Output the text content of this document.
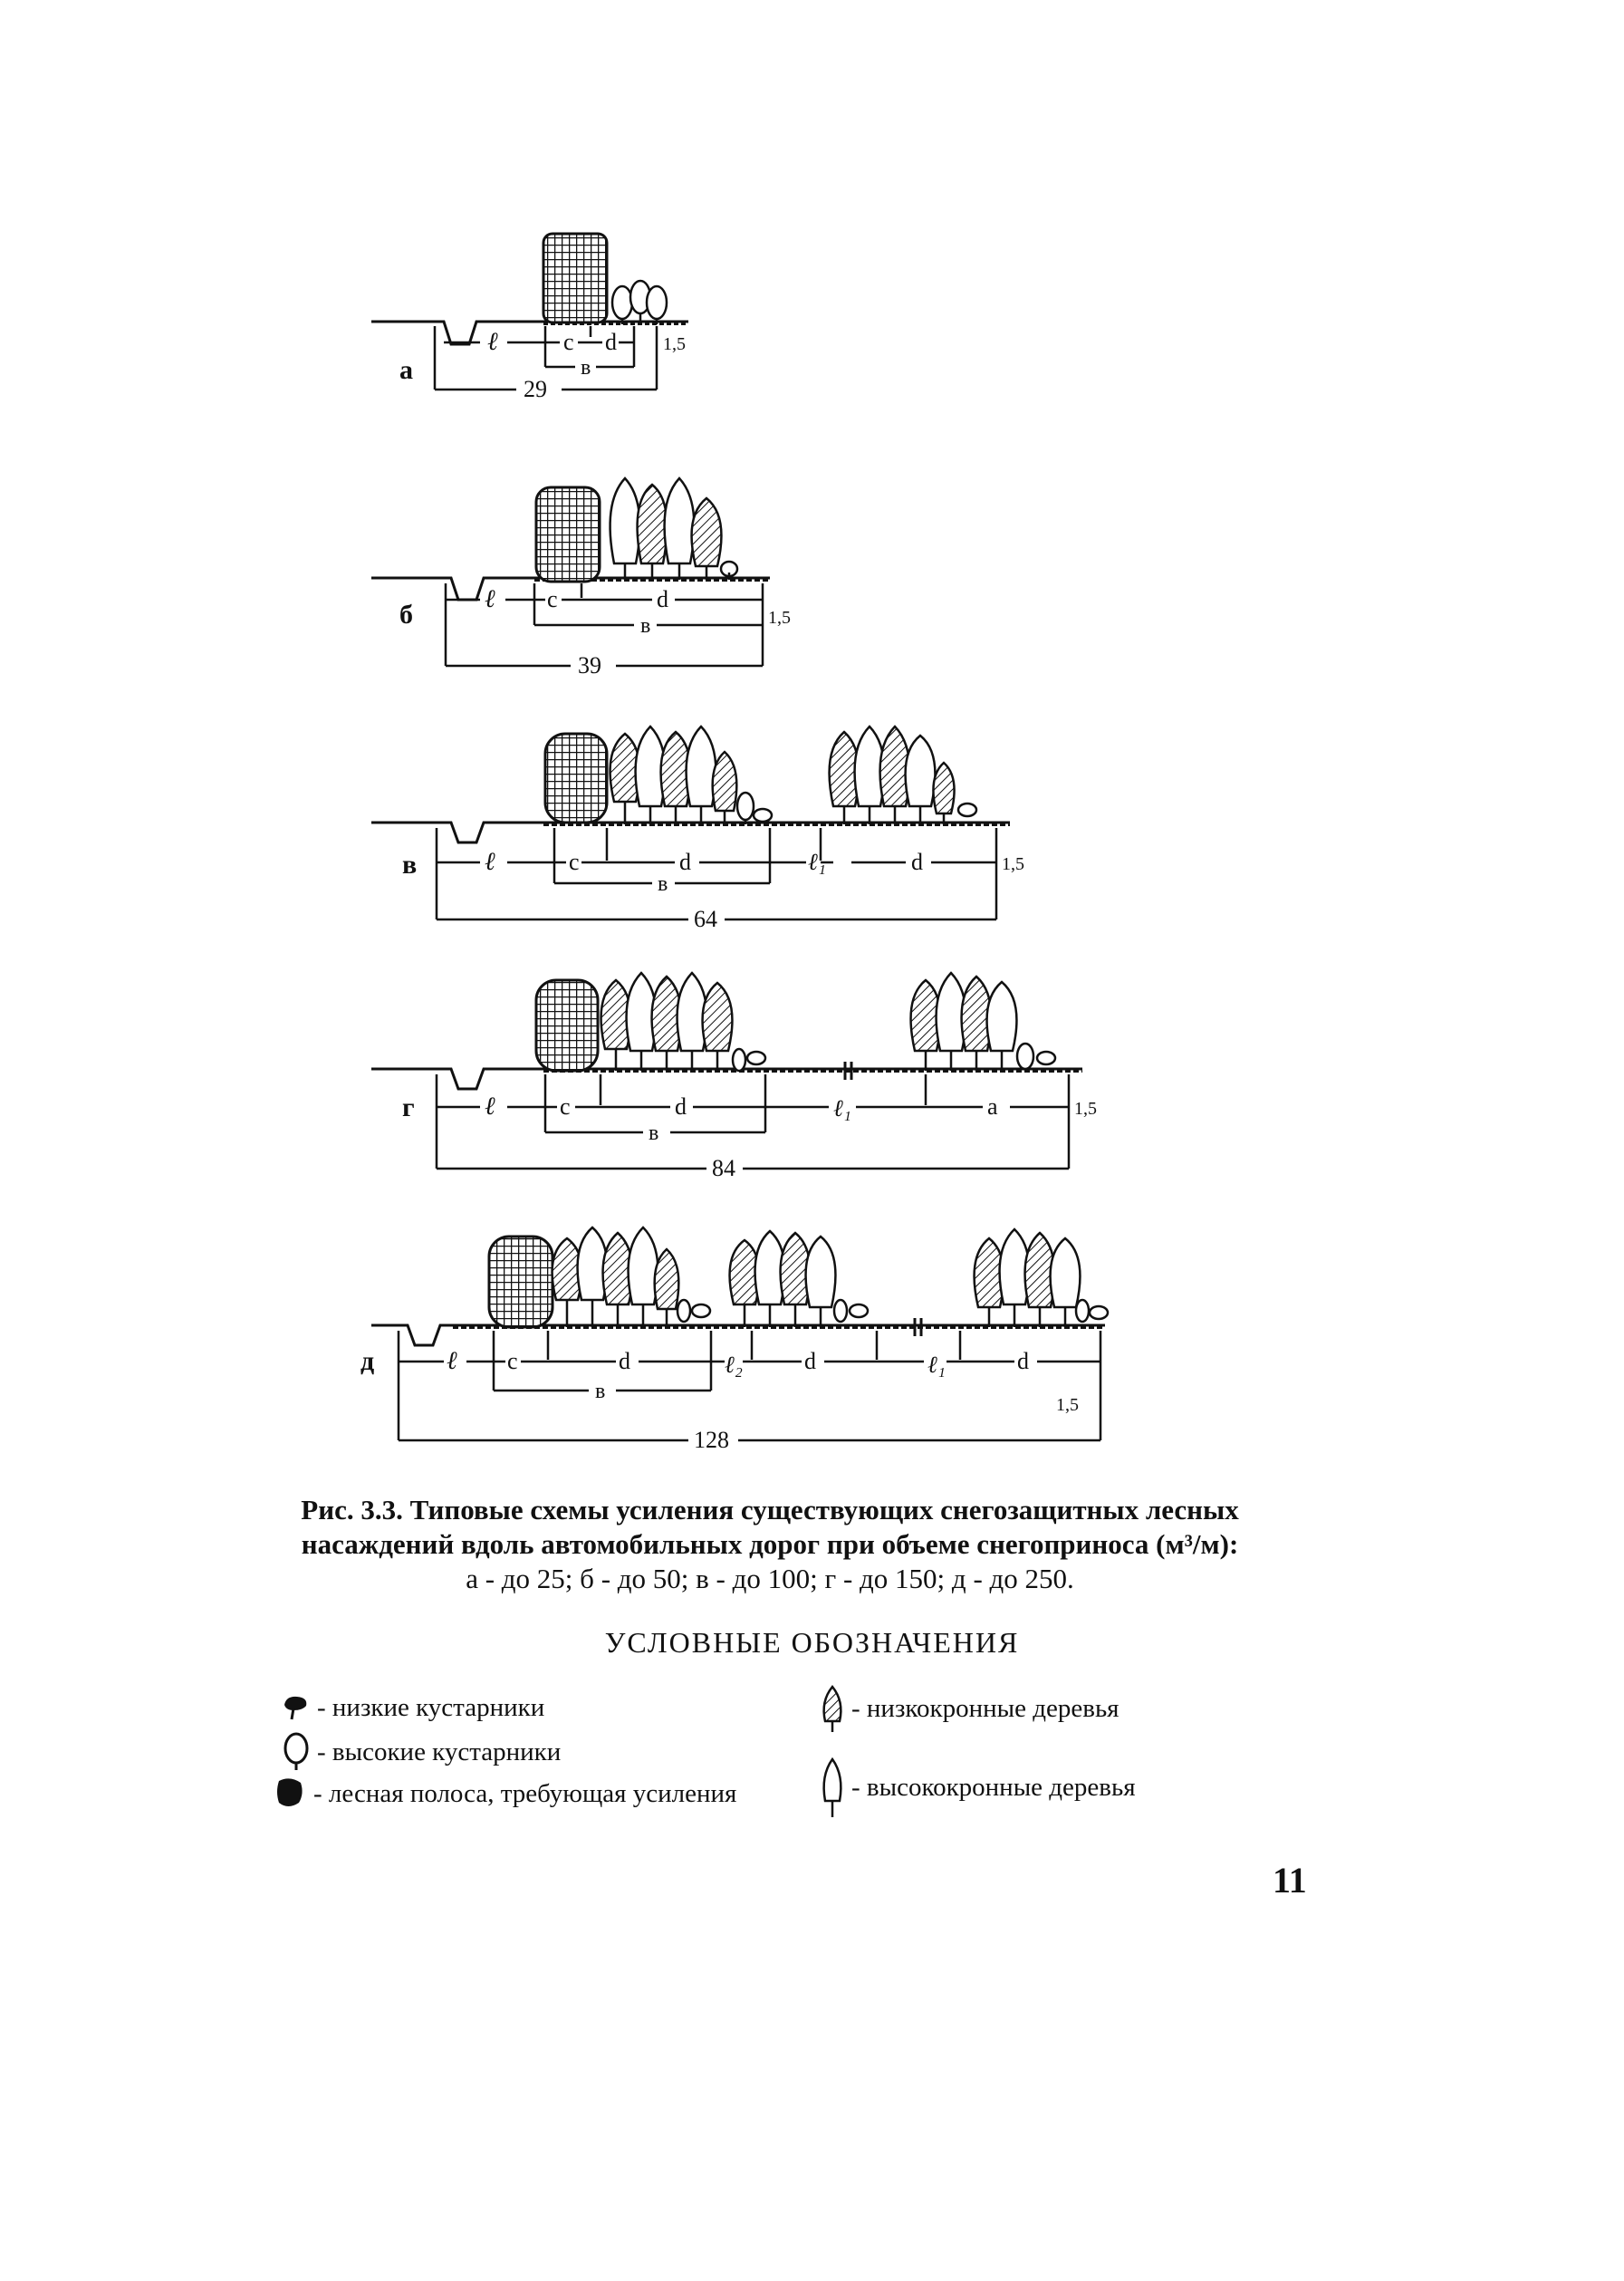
а
ℓ	c d	1,5
в
29
б
ℓ c	d
1,5
в
39
в	ℓ	c	d	ℓ₁	d	1,5
в
64
г	ℓ	c	d	ℓ₁	a	1,5
в
84
д	ℓ c	d	ℓ₂	d	ℓ₁	d
1,5
в
128
Рис. 3.3. Типовые схемы усиления существующих снегозащитных лесных
насаждений вдоль автомобильных дорог при объеме снегоприноса (м³/м):
а - до 25; б - до 50; в - до 100; г - до 150; д - до 250.
УСЛОВНЫЕ ОБОЗНАЧЕНИЯ
- низкие кустарники
- высокие кустарники
- лесная полоса, требующая усиления
- низкокронные деревья
- высококронные деревья
11
